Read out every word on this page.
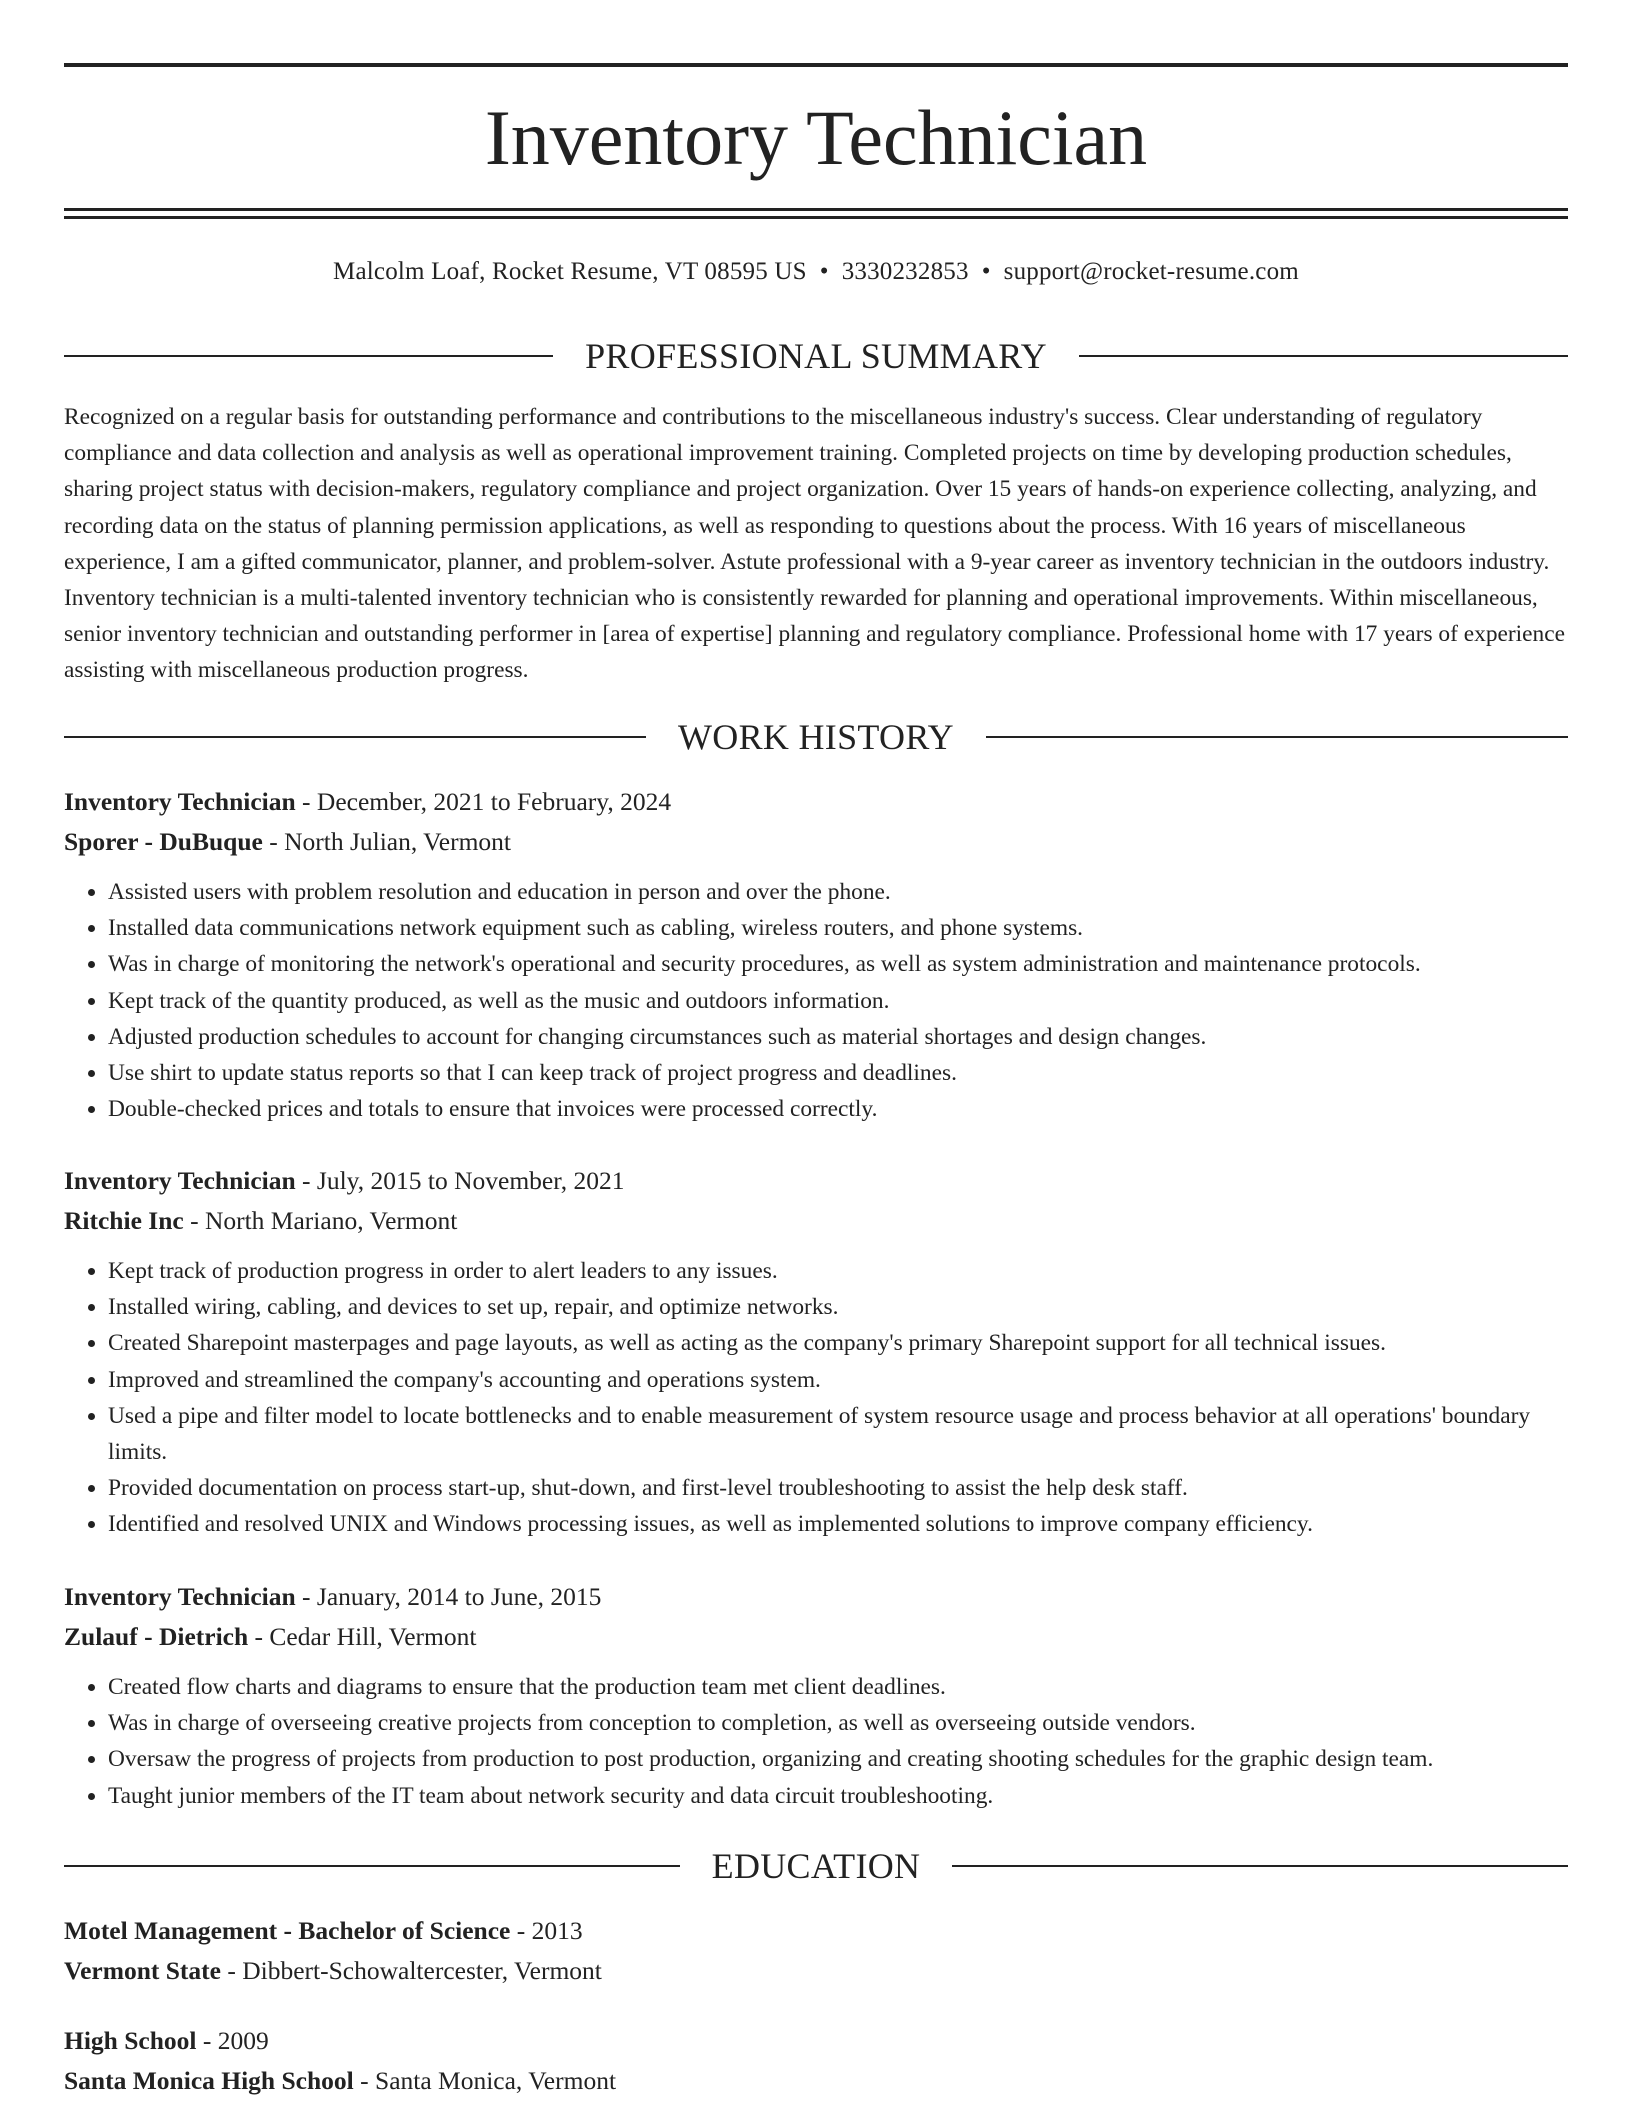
Inventory Technician
Malcolm Loaf, Rocket Resume, VT 08595 US • 3330232853 • support@rocket-resume.com
PROFESSIONAL SUMMARY

Recognized on a regular basis for outstanding performance and contributions to the miscellaneous industry's success. Clear understanding of regulatory compliance and data collection and analysis as well as operational improvement training. Completed projects on time by developing production schedules, sharing project status with decision-makers, regulatory compliance and project organization. Over 15 years of hands-on experience collecting, analyzing, and recording data on the status of planning permission applications, as well as responding to questions about the process. With 16 years of miscellaneous experience, I am a gifted communicator, planner, and problem-solver. Astute professional with a 9-year career as inventory technician in the outdoors industry. Inventory technician is a multi-talented inventory technician who is consistently rewarded for planning and operational improvements. Within miscellaneous, senior inventory technician and outstanding performer in [area of expertise] planning and regulatory compliance. Professional home with 17 years of experience assisting with miscellaneous production progress.

WORK HISTORY
Inventory Technician - December, 2021 to February, 2024
Sporer - DuBuque - North Julian, Vermont
• Assisted users with problem resolution and education in person and over the phone.
• Installed data communications network equipment such as cabling, wireless routers, and phone systems.
• Was in charge of monitoring the network's operational and security procedures, as well as system administration and maintenance protocols.
• Kept track of the quantity produced, as well as the music and outdoors information.
• Adjusted production schedules to account for changing circumstances such as material shortages and design changes.
• Use shirt to update status reports so that I can keep track of project progress and deadlines.
• Double-checked prices and totals to ensure that invoices were processed correctly.
Inventory Technician - July, 2015 to November, 2021
Ritchie Inc - North Mariano, Vermont
• Kept track of production progress in order to alert leaders to any issues.
• Installed wiring, cabling, and devices to set up, repair, and optimize networks.
• Created Sharepoint masterpages and page layouts, as well as acting as the company's primary Sharepoint support for all technical issues.
• Improved and streamlined the company's accounting and operations system.
• Used a pipe and filter model to locate bottlenecks and to enable measurement of system resource usage and process behavior at all operations' boundary limits.
• Provided documentation on process start-up, shut-down, and first-level troubleshooting to assist the help desk staff.
• Identified and resolved UNIX and Windows processing issues, as well as implemented solutions to improve company efficiency.
Inventory Technician - January, 2014 to June, 2015
Zulauf - Dietrich - Cedar Hill, Vermont
• Created flow charts and diagrams to ensure that the production team met client deadlines.
• Was in charge of overseeing creative projects from conception to completion, as well as overseeing outside vendors.
• Oversaw the progress of projects from production to post production, organizing and creating shooting schedules for the graphic design team.
• Taught junior members of the IT team about network security and data circuit troubleshooting.
EDUCATION
Motel Management - Bachelor of Science - 2013
Vermont State - Dibbert-Schowaltercester, Vermont
High School - 2009
Santa Monica High School - Santa Monica, Vermont
